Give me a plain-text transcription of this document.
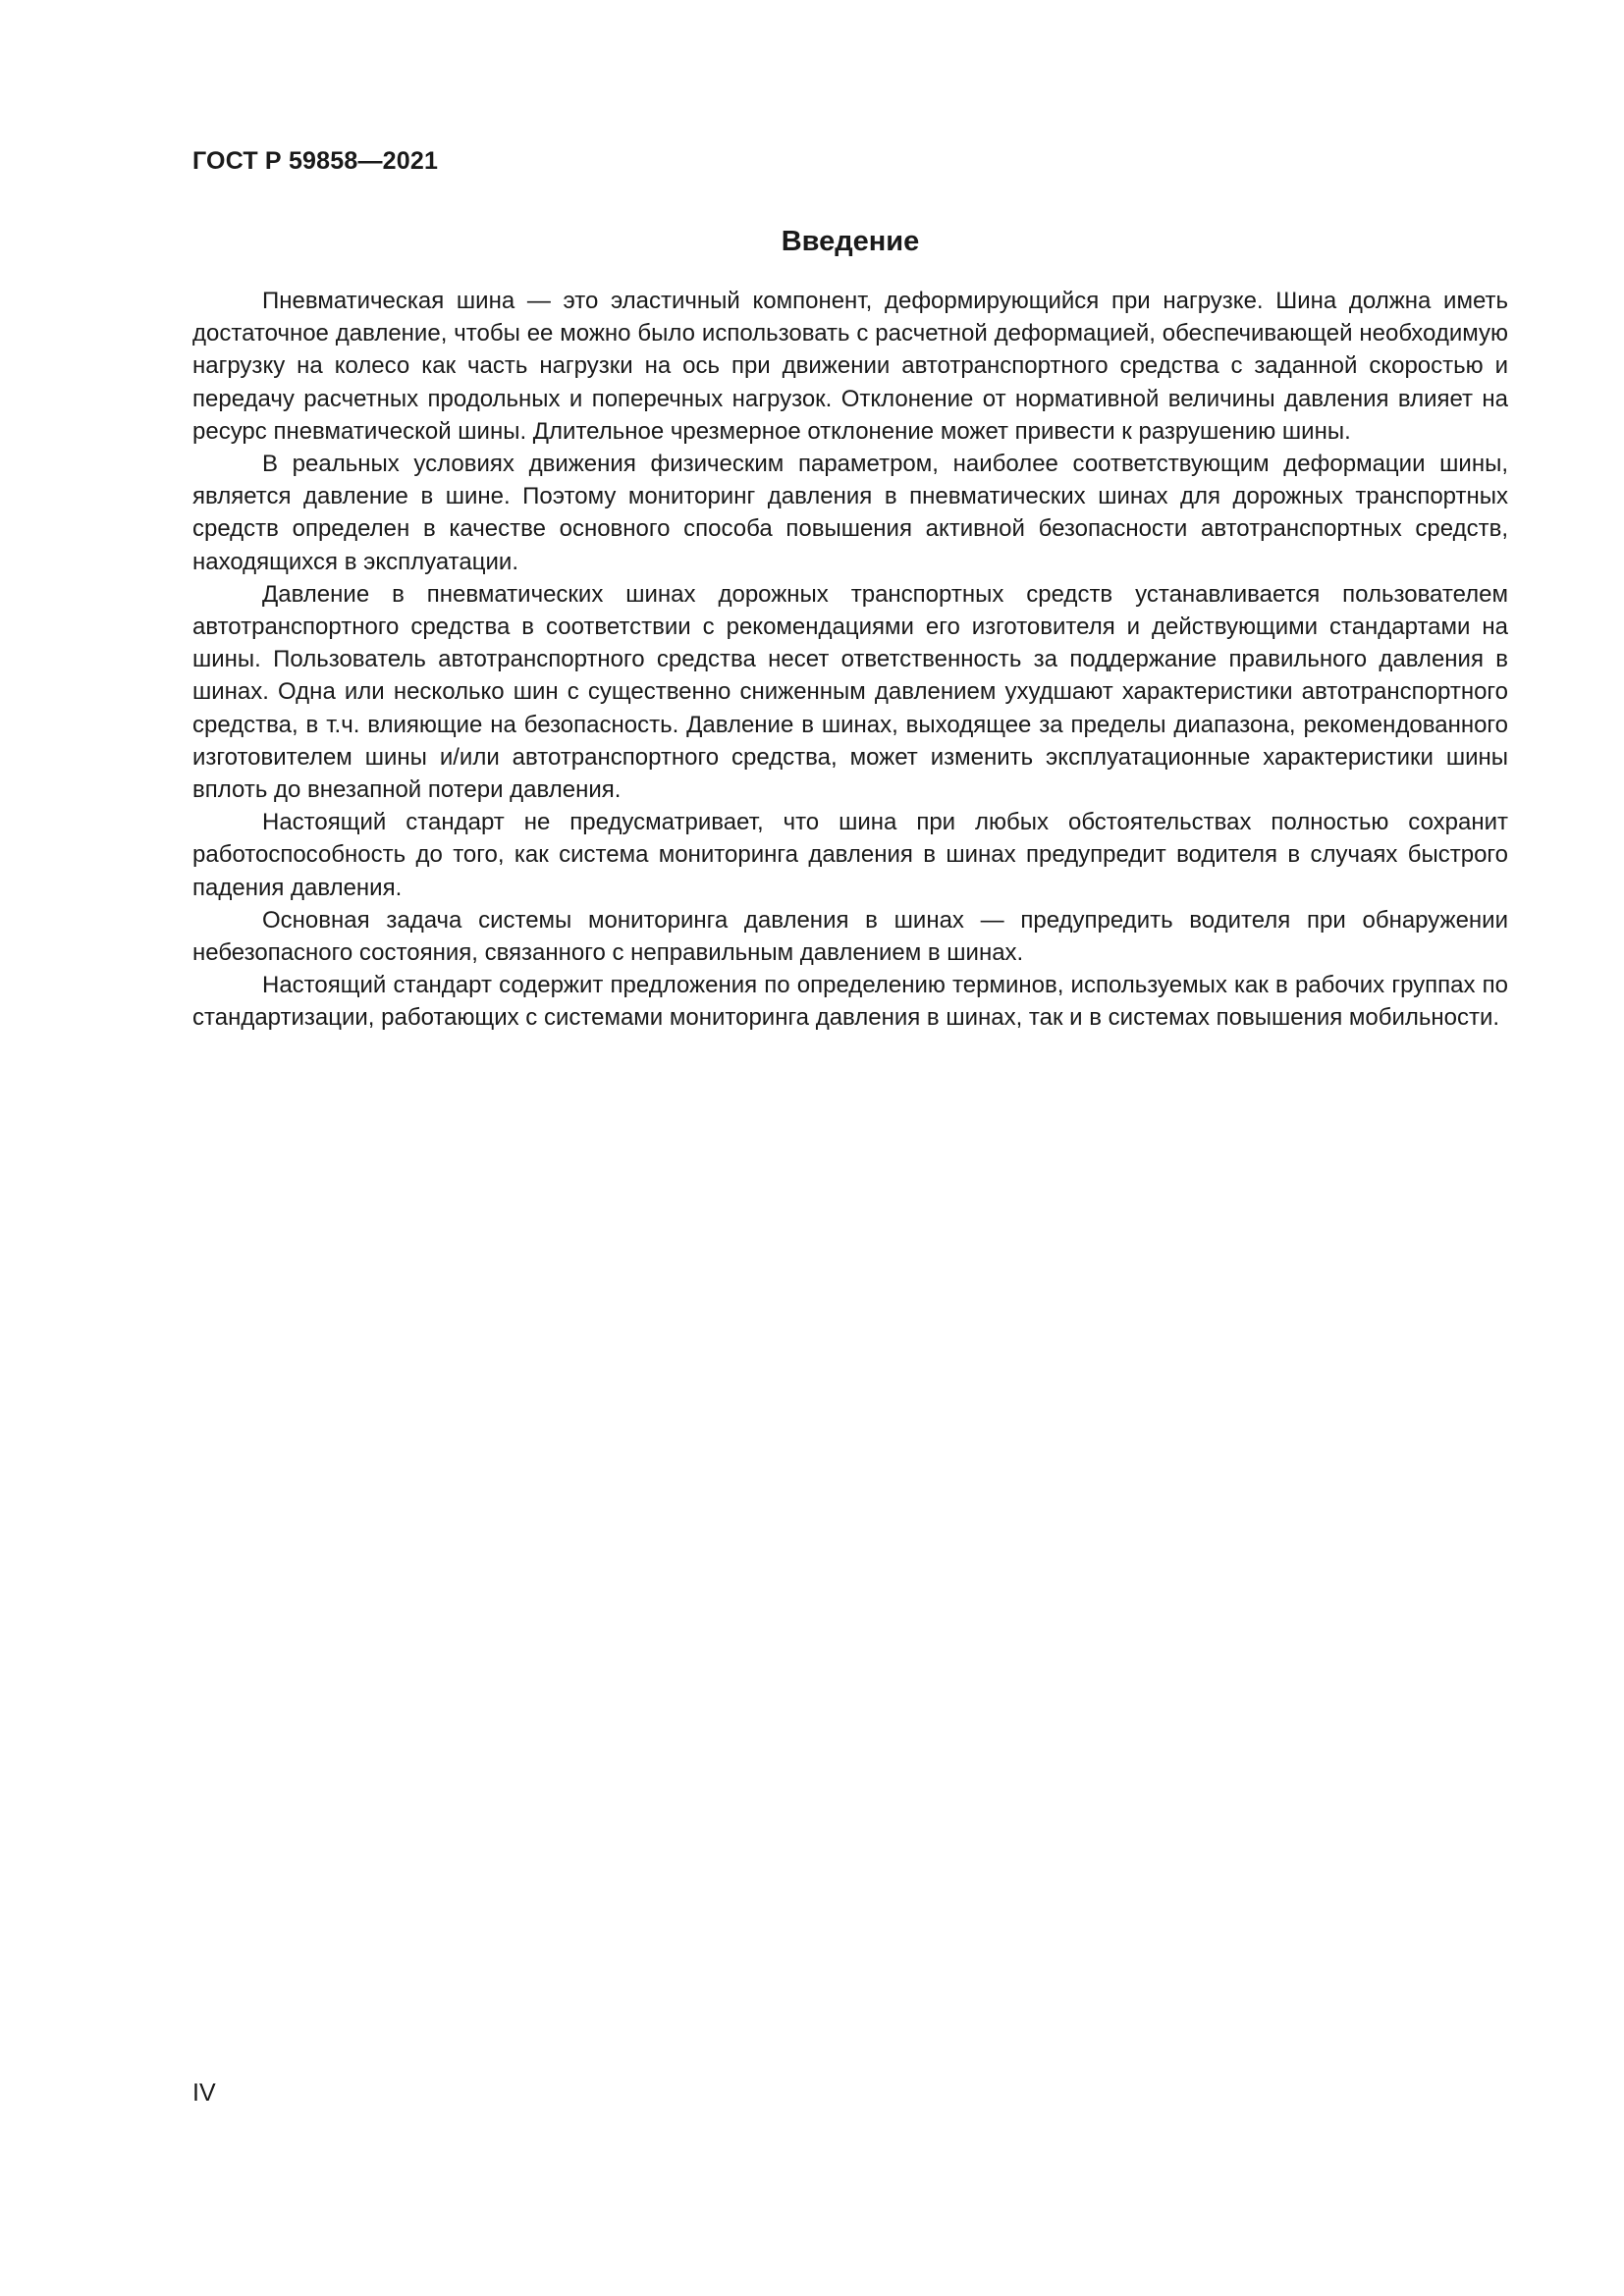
ГОСТ Р 59858—2021

Введение

Пневматическая шина — это эластичный компонент, деформирующийся при нагрузке. Шина должна иметь достаточное давление, чтобы ее можно было использовать с расчетной деформацией, обеспечивающей необходимую нагрузку на колесо как часть нагрузки на ось при движении автотранспортного средства с заданной скоростью и передачу расчетных продольных и поперечных нагрузок. Отклонение от нормативной величины давления влияет на ресурс пневматической шины. Длительное чрезмерное отклонение может привести к разрушению шины.

В реальных условиях движения физическим параметром, наиболее соответствующим деформации шины, является давление в шине. Поэтому мониторинг давления в пневматических шинах для дорожных транспортных средств определен в качестве основного способа повышения активной безопасности автотранспортных средств, находящихся в эксплуатации.

Давление в пневматических шинах дорожных транспортных средств устанавливается пользователем автотранспортного средства в соответствии с рекомендациями его изготовителя и действующими стандартами на шины. Пользователь автотранспортного средства несет ответственность за поддержание правильного давления в шинах. Одна или несколько шин с существенно сниженным давлением ухудшают характеристики автотранспортного средства, в т.ч. влияющие на безопасность. Давление в шинах, выходящее за пределы диапазона, рекомендованного изготовителем шины и/или автотранспортного средства, может изменить эксплуатационные характеристики шины вплоть до внезапной потери давления.

Настоящий стандарт не предусматривает, что шина при любых обстоятельствах полностью сохранит работоспособность до того, как система мониторинга давления в шинах предупредит водителя в случаях быстрого падения давления.

Основная задача системы мониторинга давления в шинах — предупредить водителя при обнаружении небезопасного состояния, связанного с неправильным давлением в шинах.

Настоящий стандарт содержит предложения по определению терминов, используемых как в рабочих группах по стандартизации, работающих с системами мониторинга давления в шинах, так и в системах повышения мобильности.

IV
